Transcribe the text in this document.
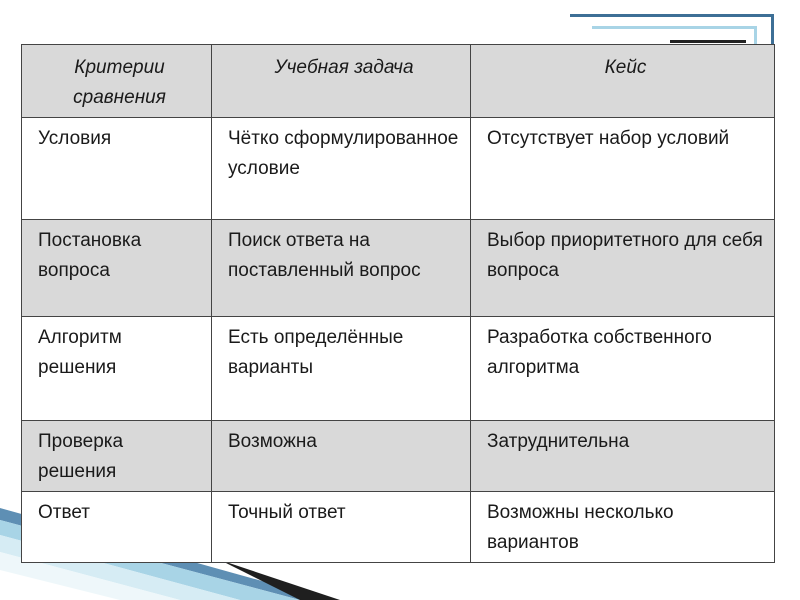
Критерии сравнения	Учебная задача	Кейс
Условия	Чётко сформулированное условие	Отсутствует набор условий
Постановка вопроса	Поиск ответа на поставленный вопрос	Выбор приоритетного для себя вопроса
Алгоритм решения	Есть определённые варианты	Разработка собственного алгоритма
Проверка решения	Возможна	Затруднительна
Ответ	Точный ответ	Возможны несколько вариантов
